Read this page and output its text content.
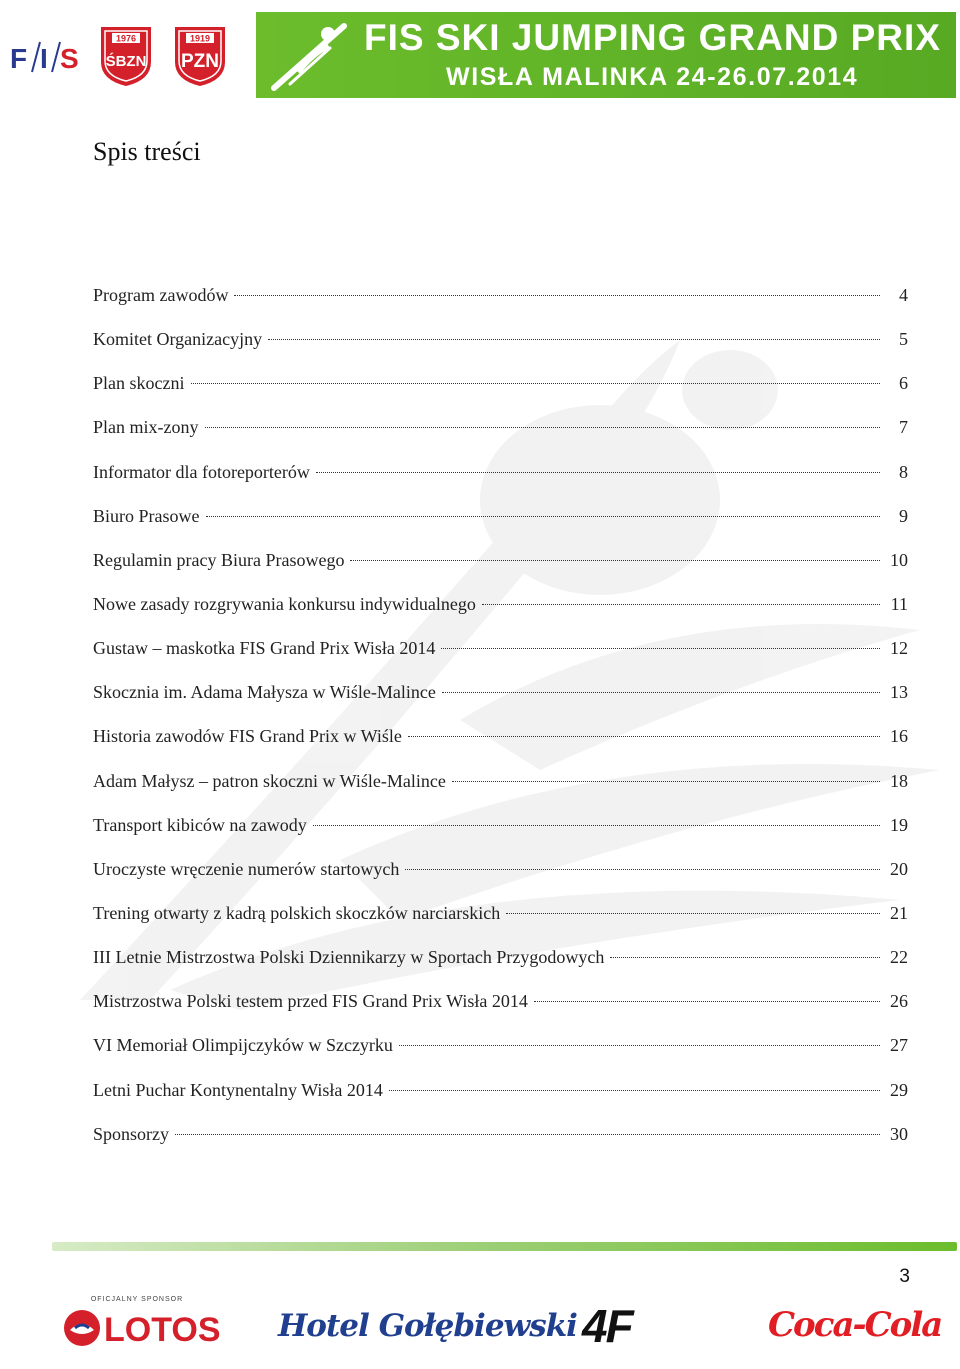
F I S
FIS	1976
ŚBZN
1919
PZN
FIS SKI JUMPING GRAND PRIX
WISŁA MALINKA 24-26.07.2014
Spis treści
Program zawodów	4
Komitet Organizacyjny	5
Plan skoczni	6
Plan mix-zony	7
Informator dla fotoreporterów	8
Biuro Prasowe	9
Regulamin pracy Biura Prasowego	10
Nowe zasady rozgrywania konkursu indywidualnego	11
Gustaw – maskotka FIS Grand Prix Wisła 2014	12
Skocznia im. Adama Małysza w Wiśle-Malince	13
Historia zawodów FIS Grand Prix w Wiśle	16
Adam Małysz – patron skoczni w Wiśle-Malince	18
Transport kibiców na zawody	19
Uroczyste wręczenie numerów startowych	20
Trening otwarty z kadrą polskich skoczków narciarskich	21
III Letnie Mistrzostwa Polski Dziennikarzy w Sportach Przygodowych	22
Mistrzostwa Polski testem przed FIS Grand Prix Wisła 2014	26
VI Memoriał Olimpijczyków w Szczyrku	27
Letni Puchar Kontynentalny Wisła 2014	29
Sponsorzy	30
3
OFICJALNY SPONSOR
LOTOS Hotel Gołębiewski 4F	Coca-Cola
